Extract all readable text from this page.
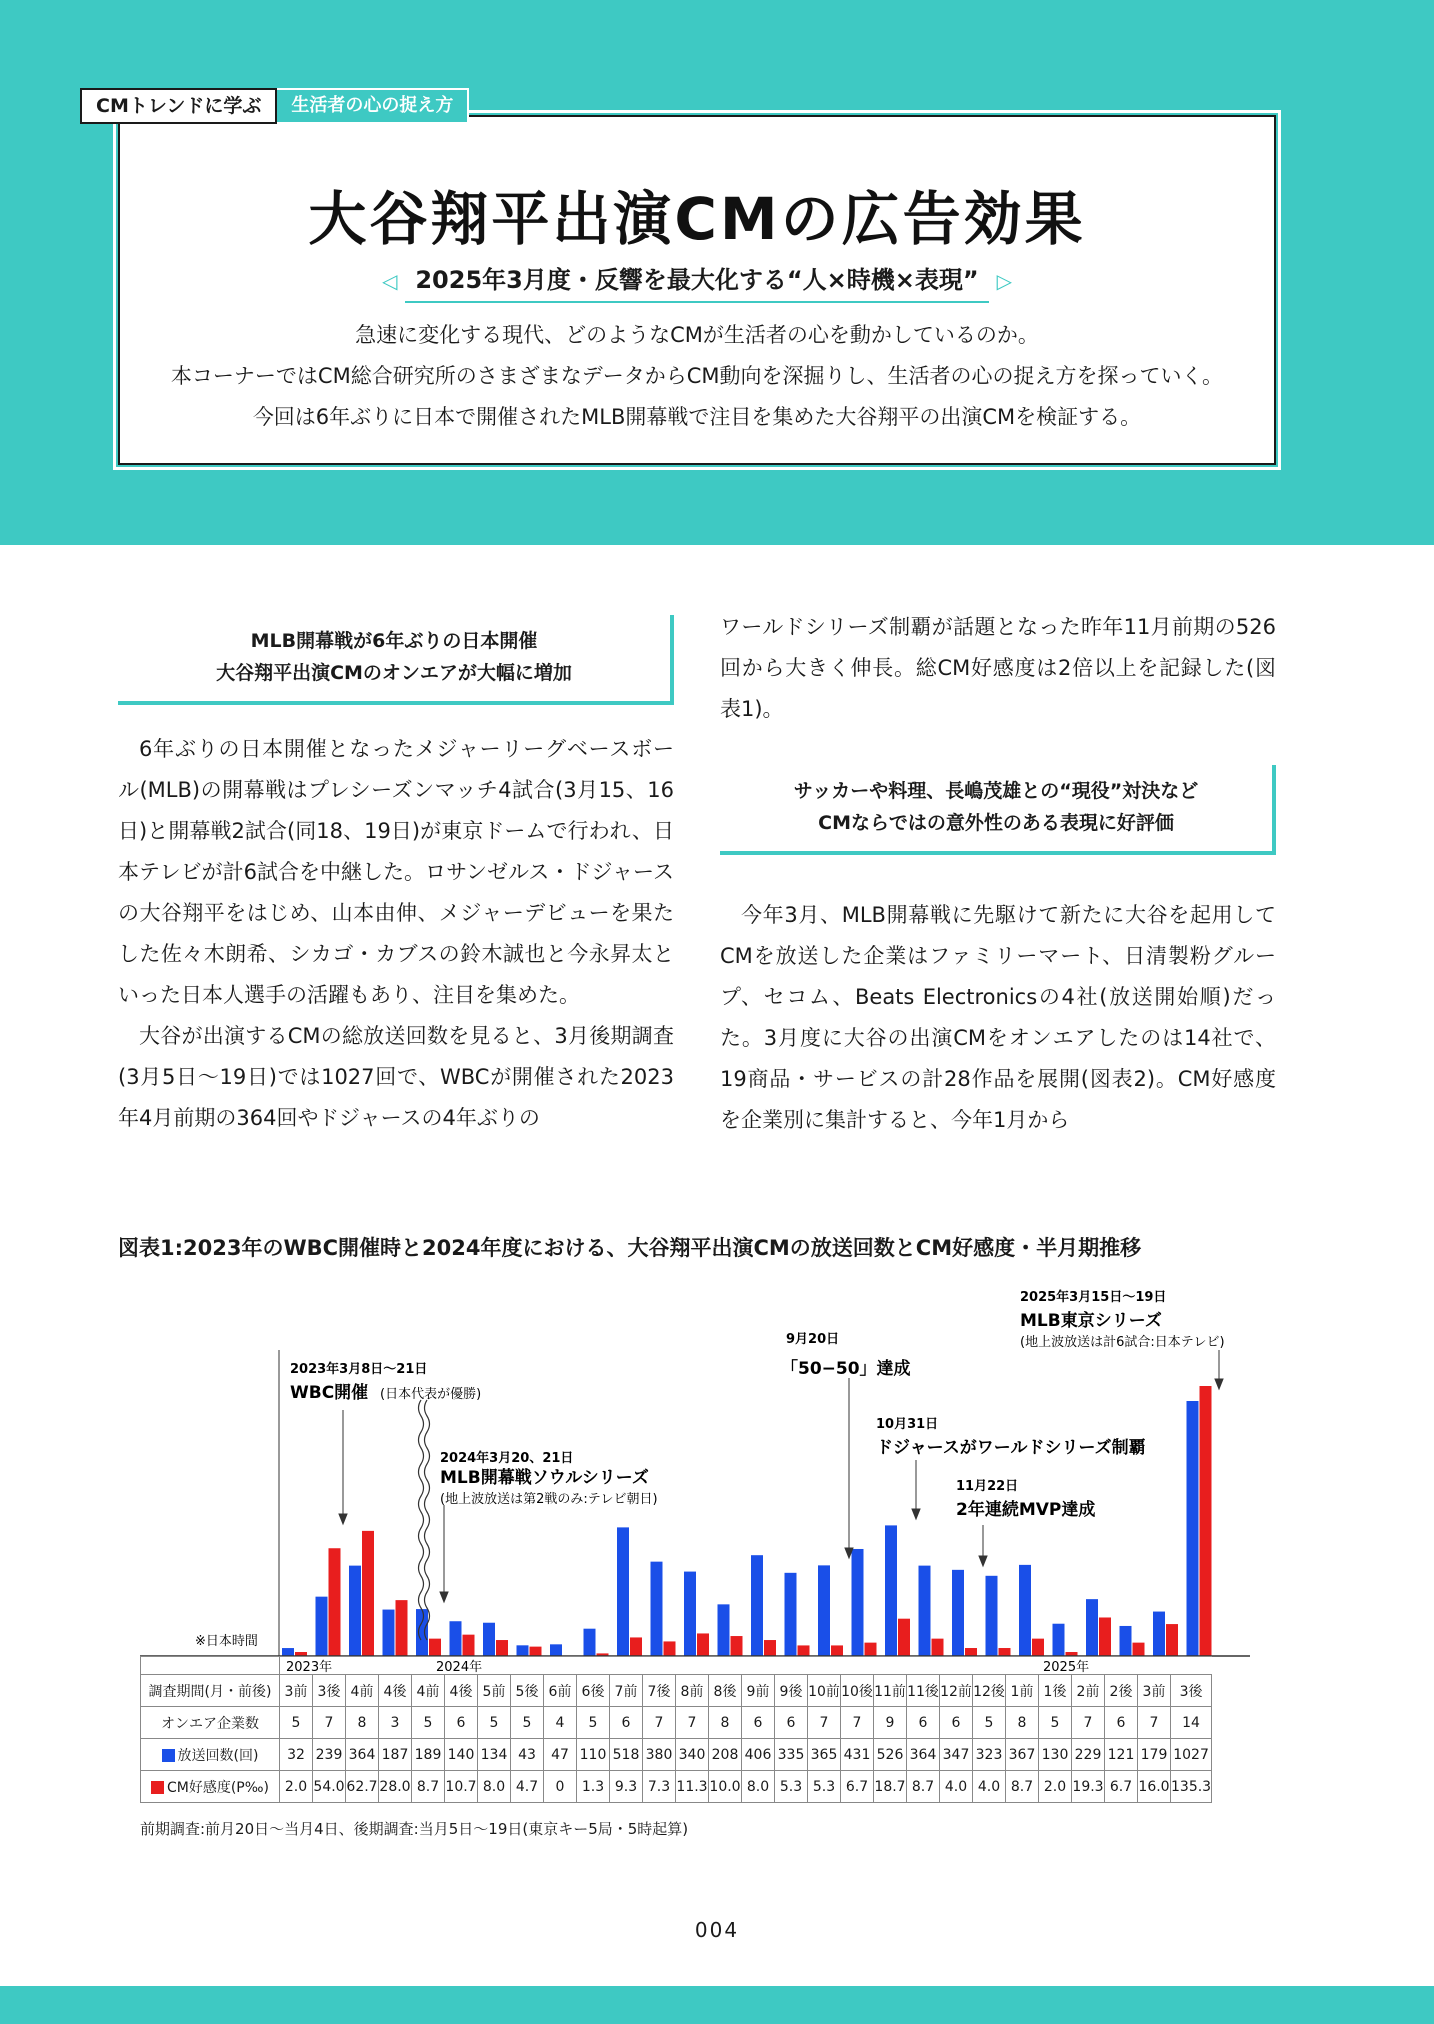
CMトレンドに学ぶ	生活者の心の捉え方
大谷翔平出演CMの広告効果
◁ 2025年3月度・反響を最大化する“人×時機×表現” ▷
急速に変化する現代、どのようなCMが生活者の心を動かしているのか。
本コーナーではCM総合研究所のさまざまなデータからCM動向を深掘りし、生活者の心の捉え方を探っていく。
今回は6年ぶりに日本で開催されたMLB開幕戦で注目を集めた大谷翔平の出演CMを検証する。
MLB開幕戦が6年ぶりの日本開催
大谷翔平出演CMのオンエアが大幅に増加

6年ぶりの日本開催となったメジャーリーグベースボール(MLB)の開幕戦はプレシーズンマッチ4試合(3月15、16日)と開幕戦2試合(同18、19日)が東京ドームで行われ、日本テレビが計6試合を中継した。ロサンゼルス・ドジャースの大谷翔平をはじめ、山本由伸、メジャーデビューを果たした佐々木朗希、シカゴ・カブスの鈴木誠也と今永昇太といった日本人選手の活躍もあり、注目を集めた。

大谷が出演するCMの総放送回数を見ると、3月後期調査(3月5日〜19日)では1027回で、WBCが開催された2023年4月前期の364回やドジャースの4年ぶりの

ワールドシリーズ制覇が話題となった昨年11月前期の526回から大きく伸長。総CM好感度は2倍以上を記録した(図表1)。
サッカーや料理、長嶋茂雄との“現役”対決など
CMならではの意外性のある表現に好評価

今年3月、MLB開幕戦に先駆けて新たに大谷を起用してCMを放送した企業はファミリーマート、日清製粉グループ、セコム、Beats Electronicsの4社(放送開始順)だった。3月度に大谷の出演CMをオンエアしたのは14社で、19商品・サービスの計28作品を展開(図表2)。CM好感度を企業別に集計すると、今年1月から

図表1:2023年のWBC開催時と2024年度における、大谷翔平出演CMの放送回数とCM好感度・半月期推移
※日本時間
2023年3月8日〜21日
WBC開催 (日本代表が優勝)
2024年3月20、21日
MLB開幕戦ソウルシリーズ
(地上波放送は第2戦のみ:テレビ朝日)
9月20日
「50−50」達成
10月31日
ドジャースがワールドシリーズ制覇
11月22日
2年連続MVP達成
2025年3月15日〜19日
MLB東京シリーズ
(地上波放送は計6試合:日本テレビ)
2023年	2024年	2025年

調査期間(月・前後)	3前	3後	4前	4後	4前	4後	5前	5後	6前	6後	7前	7後	8前	8後	9前	9後	10前	10後	11前	11後	12前	12後	1前	1後	2前	2後	3前	3後
オンエア企業数	5	7	8	3	5	6	5	5	4	5	6	7	7	8	6	6	7	7	9	6	6	5	8	5	7	6	7	14
放送回数(回)	32	239	364	187	189	140	134	43	47	110	518	380	340	208	406	335	365	431	526	364	347	323	367	130	229	121	179	1027
CM好感度(P‰)	2.0	54.0	62.7	28.0	8.7	10.7	8.0	4.7	0	1.3	9.3	7.3	11.3	10.0	8.0	5.3	5.3	6.7	18.7	8.7	4.0	4.0	8.7	2.0	19.3	6.7	16.0	135.3
前期調査:前月20日〜当月4日、後期調査:当月5日〜19日(東京キー5局・5時起算)
004
